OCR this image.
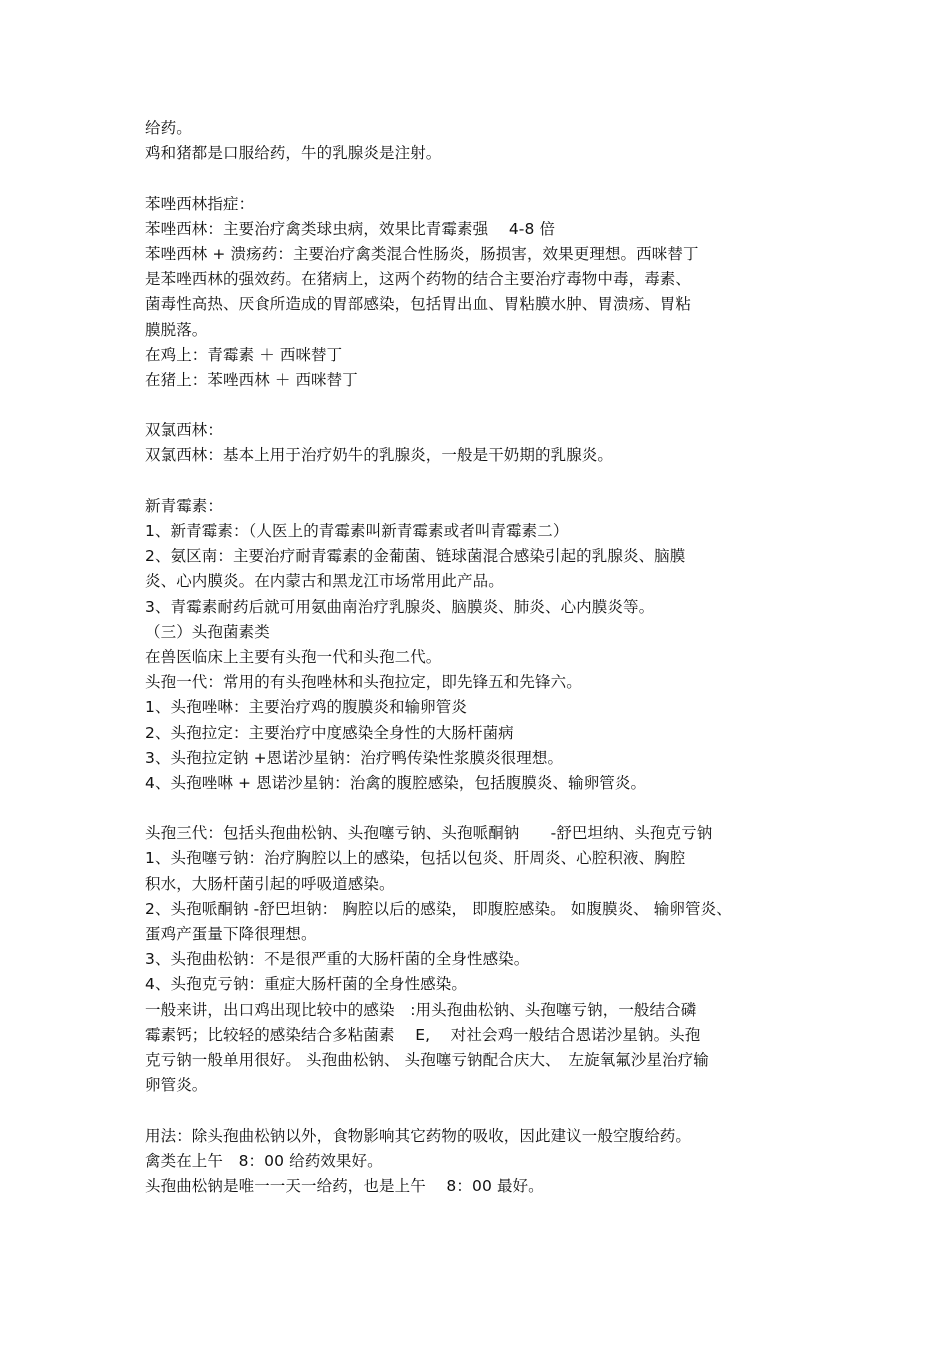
给药。
鸡和猪都是口服给药，牛的乳腺炎是注射。
苯唑西林指症：
苯唑西林：主要治疗禽类球虫病，效果比青霉素强　 4-8 倍
苯唑西林 + 溃疡药：主要治疗禽类混合性肠炎，肠损害，效果更理想。西咪替丁
是苯唑西林的强效药。在猪病上，这两个药物的结合主要治疗毒物中毒，毒素、
菌毒性高热、厌食所造成的胃部感染，包括胃出血、胃粘膜水肿、胃溃疡、胃粘
膜脱落。
在鸡上：青霉素 ＋ 西咪替丁
在猪上：苯唑西林 ＋ 西咪替丁
双氯西林：
双氯西林：基本上用于治疗奶牛的乳腺炎，一般是干奶期的乳腺炎。
新青霉素：
1、新青霉素：（人医上的青霉素叫新青霉素或者叫青霉素二）
2、氨区南：主要治疗耐青霉素的金葡菌、链球菌混合感染引起的乳腺炎、脑膜
炎、心内膜炎。在内蒙古和黑龙江市场常用此产品。
3、青霉素耐药后就可用氨曲南治疗乳腺炎、脑膜炎、肺炎、心内膜炎等。
（三）头孢菌素类
在兽医临床上主要有头孢一代和头孢二代。
头孢一代：常用的有头孢唑林和头孢拉定，即先锋五和先锋六。
1、头孢唑啉：主要治疗鸡的腹膜炎和输卵管炎
2、头孢拉定：主要治疗中度感染全身性的大肠杆菌病
3、头孢拉定钠 +恩诺沙星钠：治疗鸭传染性浆膜炎很理想。
4、头孢唑啉 + 恩诺沙星钠：治禽的腹腔感染，包括腹膜炎、输卵管炎。
头孢三代：包括头孢曲松钠、头孢噻亏钠、头孢哌酮钠　　-舒巴坦纳、头孢克亏钠
1、头孢噻亏钠：治疗胸腔以上的感染，包括以包炎、肝周炎、心腔积液、胸腔
积水，大肠杆菌引起的呼吸道感染。
2、头孢哌酮钠 -舒巴坦钠： 胸腔以后的感染， 即腹腔感染。 如腹膜炎、 输卵管炎、
蛋鸡产蛋量下降很理想。
3、头孢曲松钠：不是很严重的大肠杆菌的全身性感染。
4、头孢克亏钠：重症大肠杆菌的全身性感染。
一般来讲，出口鸡出现比较中的感染　:用头孢曲松钠、头孢噻亏钠，一般结合磷
霉素钙；比较轻的感染结合多粘菌素　 E, 　对社会鸡一般结合恩诺沙星钠。头孢
克亏钠一般单用很好。 头孢曲松钠、 头孢噻亏钠配合庆大、　左旋氧氟沙星治疗输
卵管炎。
用法：除头孢曲松钠以外，食物影响其它药物的吸收，因此建议一般空腹给药。
禽类在上午　8：00 给药效果好。
头孢曲松钠是唯一一天一给药，也是上午　 8：00 最好。
